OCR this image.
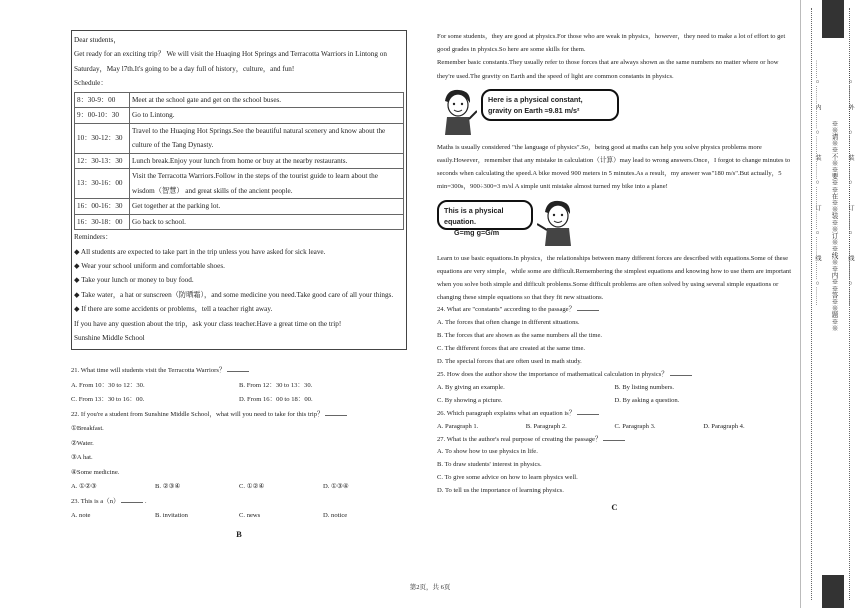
Dear students，

Get ready for an exciting trip？ We will visit the Huaqing Hot Springs and Terracotta Warriors in Lintong on Saturday，May l7th.It's going to be a day full of history，culture，and fun!

Schedule：

8：30-9：00	Meet at the school gate and get on the school buses.
9：00-10：30	Go to Lintong.
10：30-12：30	Travel to the Huaqing Hot Springs.See the beautiful natural scenery and know about the culture of the Tang Dynasty.
12：30-13：30	Lunch break.Enjoy your lunch from home or buy at the nearby restaurants.
13：30-16：00	Visit the Terracotta Warriors.Follow in the steps of the tourist guide to learn about the wisdom（智慧） and great skills of the ancient people.
16：00-16：30	Get together at the parking lot.
16：30-18：00	Go back to school.

Reminders：

◆ All students are expected to take part in the trip unless you have asked for sick leave.

◆ Wear your school uniform and comfortable shoes.

◆ Take your lunch or money to buy food.

◆ Take water，a hat or sunscreen（防晒霜），and some medicine you need.Take good care of all your things.

◆ If there are some accidents or problems，tell a teacher right away.

If you have any question about the trip，ask your class teacher.Have a great time on the trip!

Sunshine Middle School

21. What time will students visit the Terracotta Warriors？
A. From 10：30 to 12：30.	B. From 12：30 to 13：30.
C. From 13：30 to 16：00.	D. From 16：00 to 18：00.
22. If you're a student from Sunshine Middle School，what will you need to take for this trip？
①Breakfast.
②Water.
③A hat.
④Some medicine.
A. ①②③	B. ②③④	C. ①②④	D. ①③④
23. This is a（n）	.
A. note	B. invitation	C. news	D. notice
B

For some students，they are good at physics.For those who are weak in physics，however，they need to make a lot of effort to get good grades in physics.So here are some skills for them.

Remember basic constants.They usually refer to those forces that are always shown as the same numbers no matter where or how they're used.The gravity on Earth and the speed of light are common constants in physics.

Here is a physical constant,
gravity on Earth ≈9.81 m/s²

Maths is usually considered "the language of physics".So，being good at maths can help you solve physics problems more easily.However，remember that any mistake in calculation（计算）may lead to wrong answers.Once，I forgot to change minutes to seconds when calculating the speed.A bike moved 900 meters in 5 minutes.As a result，my answer was"180 m/s".But actually，5 min=300s，900÷300=3 m/sl A simple unit mistake almost turned my bike into a plane!

This is a physical equation.
G=mg g=G/m

Learn to use basic equations.In physics，the relationships between many different forces are described with equations.Some of these equations are very simple，while some are difficult.Remembering the simplest equations and knowing how to use them are important when you solve both simple and difficult problems.Some difficult problems are often solved by using several simple equations or changing these simple equations so that they fit new situations.

24. What are "constants" according to the passage？
A. The forces that often change in different situations.
B. The forces that are shown as the same numbers all the time.
C. The different forces that are created at the same time.
D. The special forces that are often used in math study.
25. How does the author show the importance of mathematical calculation in physics？
A. By giving an example.	B. By listing numbers.
C. By showing a picture.	D. By asking a question.
26. Which paragraph explains what an equation is？
A. Paragraph 1.	B. Paragraph 2.	C. Paragraph 3.	D. Paragraph 4.
27. What is the author's real purpose of creating the passage？
A. To show how to use physics in life.
B. To draw students' interest in physics.
C. To give some advice on how to learn physics well.
D. To tell us the importance of learning physics.
C
第2页，共 6页
………○………内………○………装………○………订………○………线………○………	※※请※※不※※要※※在※※装※※订※※线※※内※※答※※题※※ ………○………外………○………装………○………订………○………线………○………
